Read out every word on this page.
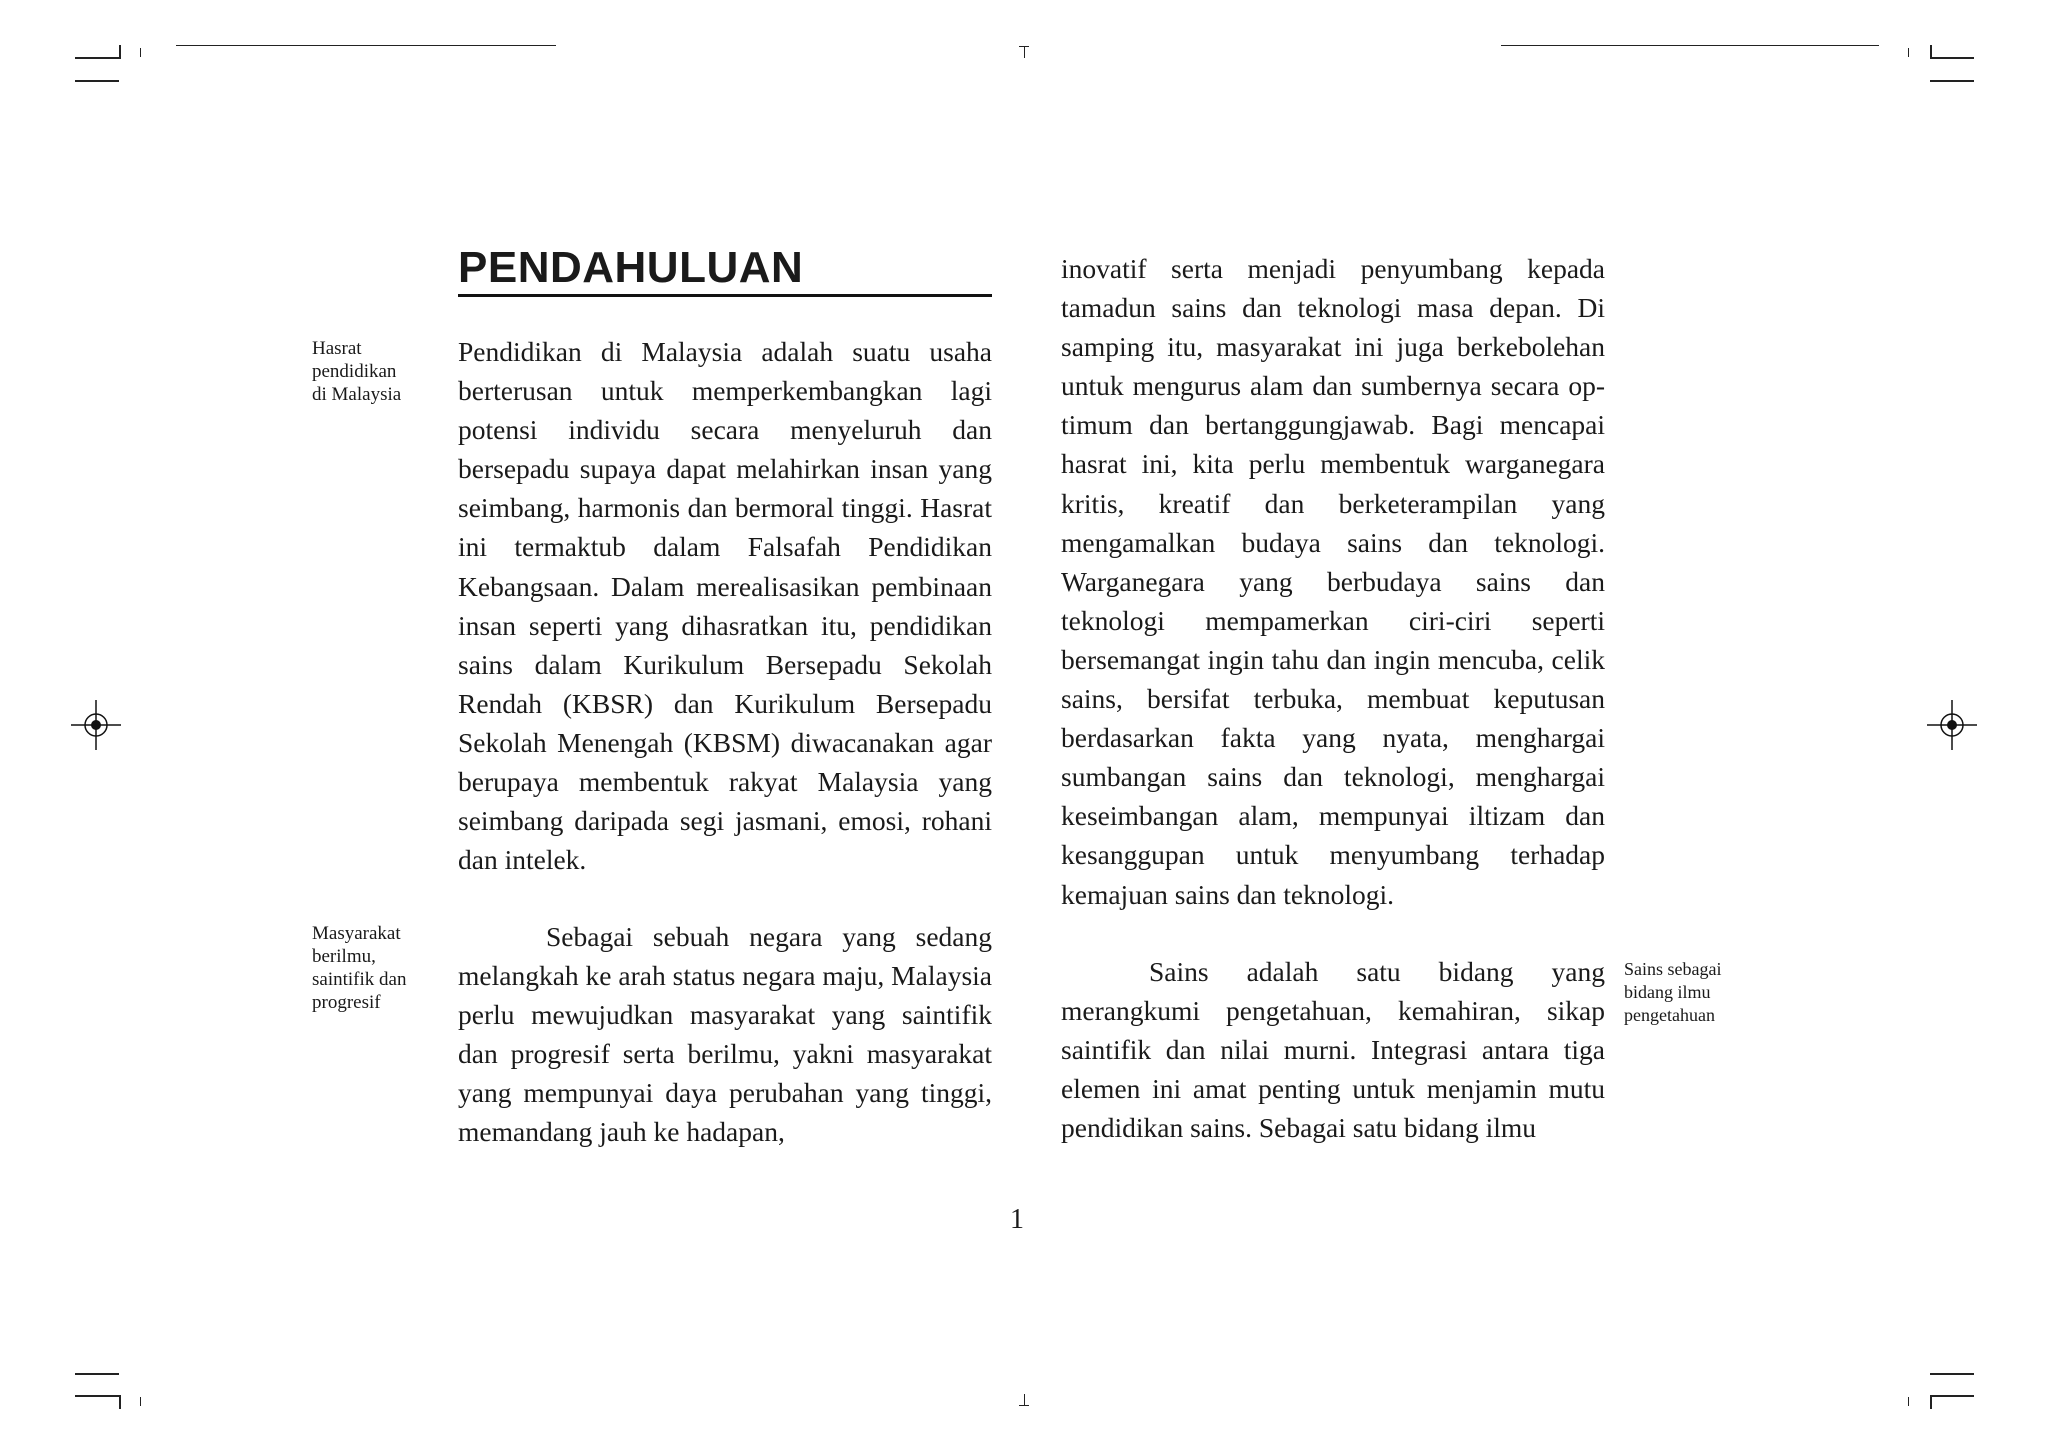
PENDAHULUAN

Hasrat pendidikan di Malaysia

Masyarakat berilmu, saintifik dan progresif

Sains sebagai bidang ilmu pengetahuan

Pendidikan di Malaysia adalah suatu usaha berterusan untuk memperkembangkan lagi potensi individu secara menyeluruh dan bersepadu supaya dapat melahirkan insan yang seimbang, harmonis dan bermoral tinggi. Hasrat ini termaktub dalam Falsafah Pendidikan Kebangsaan. Dalam merealisasikan pembinaan insan seperti yang dihasratkan itu, pendidikan sains dalam Kurikulum Bersepadu Sekolah Rendah (KBSR) dan Kurikulum Bersepadu Sekolah Menengah (KBSM) diwacanakan agar berupaya membentuk rakyat Malaysia yang seimbang daripada segi jasmani, emosi, rohani dan intelek.

Sebagai sebuah negara yang sedang melangkah ke arah status negara maju, Malaysia perlu mewujudkan masyarakat yang saintifik dan progresif serta berilmu, yakni masyarakat yang mempunyai daya perubahan yang tinggi, memandang jauh ke hadapan,

inovatif serta menjadi penyumbang kepada tamadun sains dan teknologi masa depan. Di samping itu, masyarakat ini juga berkebolehan untuk mengurus alam dan sumbernya secara op-timum dan bertanggungjawab. Bagi mencapai hasrat ini, kita perlu membentuk warganegara kritis, kreatif dan berketerampilan yang mengamalkan budaya sains dan teknologi. Warganegara yang berbudaya sains dan teknologi mempamerkan ciri-ciri seperti bersemangat ingin tahu dan ingin mencuba, celik sains, bersifat terbuka, membuat keputusan berdasarkan fakta yang nyata, menghargai sumbangan sains dan teknologi, menghargai keseimbangan alam, mempunyai iltizam dan kesanggupan untuk menyumbang terhadap kemajuan sains dan teknologi.

Sains adalah satu bidang yang merangkumi pengetahuan, kemahiran, sikap saintifik dan nilai murni. Integrasi antara tiga elemen ini amat penting untuk menjamin mutu pendidikan sains. Sebagai satu bidang ilmu

1
